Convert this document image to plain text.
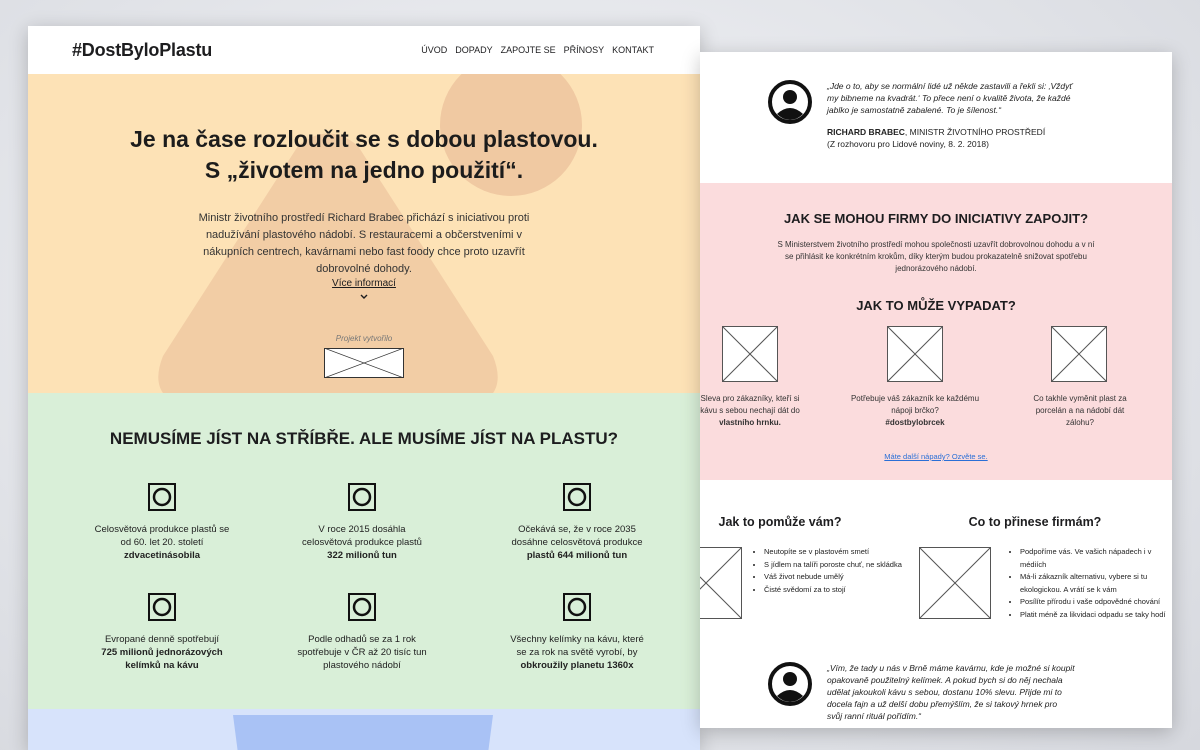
#DostByloPlastu	ÚVOD DOPADY ZAPOJTE SE PŘÍNOSY KONTAKT
Je na čase rozloučit se s dobou plastovou.
S „životem na jedno použití“.

Ministr životního prostředí Richard Brabec přichází s iniciativou proti nadužívání plastového nádobí. S restauracemi a občerstveními v nákupních centrech, kavárnami nebo fast foody chce proto uzavřít dobrovolné dohody.

Více informací
Projekt vytvořilo
NEMUSÍME JÍST NA STŘÍBŘE. ALE MUSÍME JÍST NA PLASTU?
Celosvětová produkce plastů se
od 60. let 20. století
zdvacetinásobila
V roce 2015 dosáhla
celosvětová produkce plastů
322 milionů tun
Očekává se, že v roce 2035
dosáhne celosvětová produkce
plastů 644 milionů tun
Evropané denně spotřebují
725 milionů jednorázových
kelímků na kávu
Podle odhadů se za 1 rok
spotřebuje v ČR až 20 tisíc tun
plastového nádobí
Všechny kelímky na kávu, které
se za rok na světě vyrobí, by
obkroužily planetu 1360x
„Jde o to, aby se normální lidé už někde zastavili a řekli si: ‚Vždyť
my bibneme na kvadrát.‘ To přece není o kvalitě života, že každé
jablko je samostatně zabalené. To je šílenost.“
RICHARD BRABEC, MINISTR ŽIVOTNÍHO PROSTŘEDÍ
(Z rozhovoru pro Lidové noviny, 8. 2. 2018)
JAK SE MOHOU FIRMY DO INICIATIVY ZAPOJIT?

S Ministerstvem životního prostředí mohou společnosti uzavřít dobrovolnou dohodu a v ní
se přihlásit ke konkrétním krokům, díky kterým budou prokazatelně snižovat spotřebu
jednorázového nádobí.

JAK TO MŮŽE VYPADAT?
Sleva pro zákazníky, kteří si
kávu s sebou nechají dát do
vlastního hrnku.
Potřebuje váš zákazník ke každému
nápoji brčko?
#dostbylobrcek
Co takhle vyměnit plast za
porcelán a na nádobí dát
zálohu?
Máte další nápady? Ozvěte se.
Jak to pomůže vám?	Co to přinese firmám?
• Neutopíte se v plastovém smetí
• S jídlem na talíři poroste chuť, ne skládka
• Váš život nebude umělý
• Čisté svědomí za to stojí
• Podpoříme vás. Ve vašich nápadech i v
médiích
• Má-li zákazník alternativu, vybere si tu
ekologickou. A vrátí se k vám
• Posílíte přírodu i vaše odpovědné chování
• Platit méně za likvidaci odpadu se taky hodí
„Vím, že tady u nás v Brně máme kavárnu, kde je možné si koupit
opakovaně použitelný kelímek. A pokud bych si do něj nechala
udělat jakoukoli kávu s sebou, dostanu 10% slevu. Přijde mi to
docela fajn a už delší dobu přemýšlím, že si takový hrnek pro
svůj ranní rituál pořídím.“
